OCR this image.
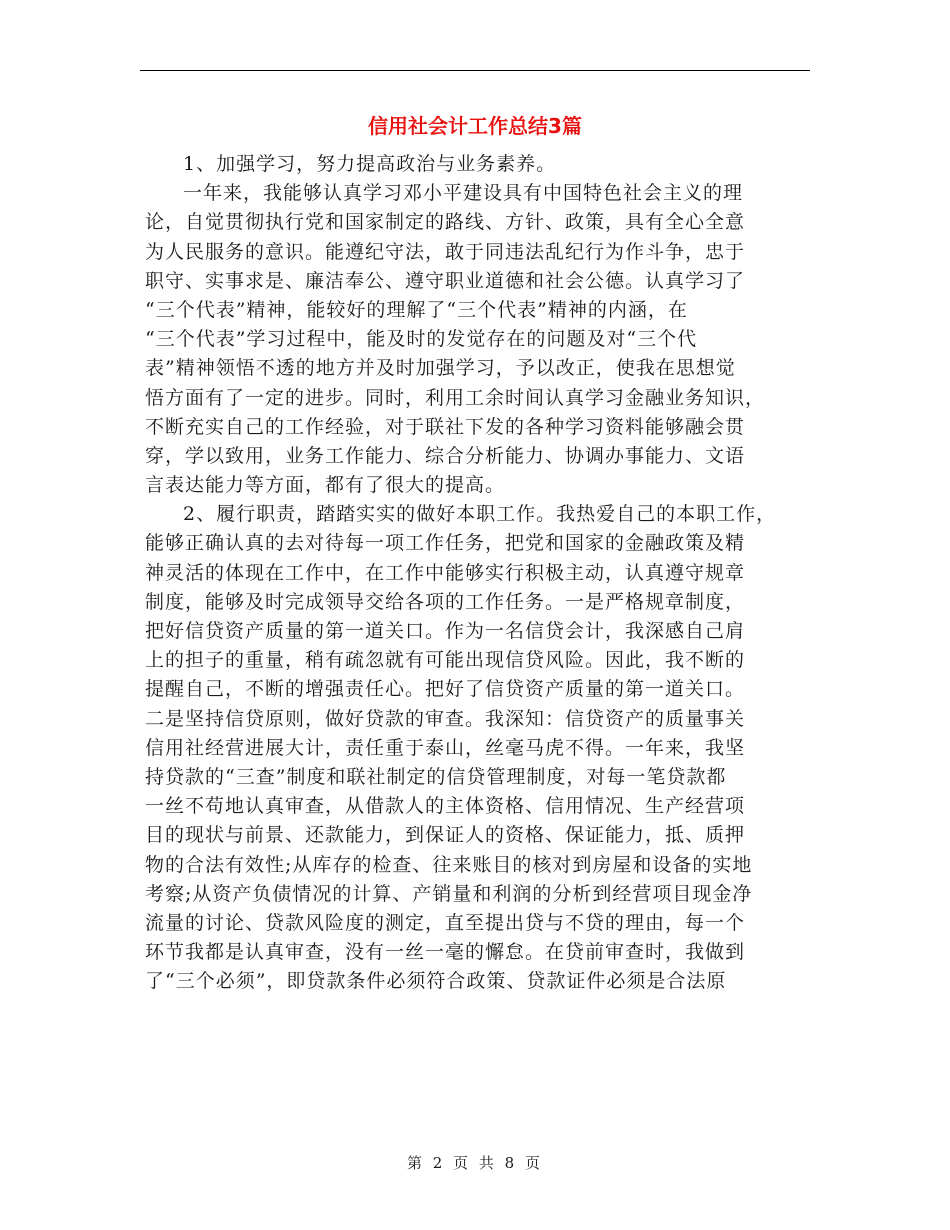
信用社会计工作总结3篇
1、加强学习，努力提高政治与业务素养。
一年来，我能够认真学习邓小平建设具有中国特色社会主义的理
论，自觉贯彻执行党和国家制定的路线、方针、政策，具有全心全意
为人民服务的意识。能遵纪守法，敢于同违法乱纪行为作斗争，忠于
职守、实事求是、廉洁奉公、遵守职业道德和社会公德。认真学习了
“三个代表”精神，能较好的理解了“三个代表”精神的内涵，在
“三个代表”学习过程中，能及时的发觉存在的问题及对“三个代
表”精神领悟不透的地方并及时加强学习，予以改正，使我在思想觉
悟方面有了一定的进步。同时，利用工余时间认真学习金融业务知识，
不断充实自己的工作经验，对于联社下发的各种学习资料能够融会贯
穿，学以致用，业务工作能力、综合分析能力、协调办事能力、文语
言表达能力等方面，都有了很大的提高。
2、履行职责，踏踏实实的做好本职工作。我热爱自己的本职工作，
能够正确认真的去对待每一项工作任务，把党和国家的金融政策及精
神灵活的体现在工作中，在工作中能够实行积极主动，认真遵守规章
制度，能够及时完成领导交给各项的工作任务。一是严格规章制度，
把好信贷资产质量的第一道关口。作为一名信贷会计，我深感自己肩
上的担子的重量，稍有疏忽就有可能出现信贷风险。因此，我不断的
提醒自己，不断的增强责任心。把好了信贷资产质量的第一道关口。
二是坚持信贷原则，做好贷款的审查。我深知：信贷资产的质量事关
信用社经营进展大计，责任重于泰山，丝毫马虎不得。一年来，我坚
持贷款的“三查”制度和联社制定的信贷管理制度，对每一笔贷款都
一丝不苟地认真审查，从借款人的主体资格、信用情况、生产经营项
目的现状与前景、还款能力，到保证人的资格、保证能力，抵、质押
物的合法有效性;从库存的检查、往来账目的核对到房屋和设备的实地
考察;从资产负债情况的计算、产销量和利润的分析到经营项目现金净
流量的讨论、贷款风险度的测定，直至提出贷与不贷的理由，每一个
环节我都是认真审查，没有一丝一毫的懈怠。在贷前审查时，我做到
了“三个必须”，即贷款条件必须符合政策、贷款证件必须是合法原
第 2 页 共 8 页
